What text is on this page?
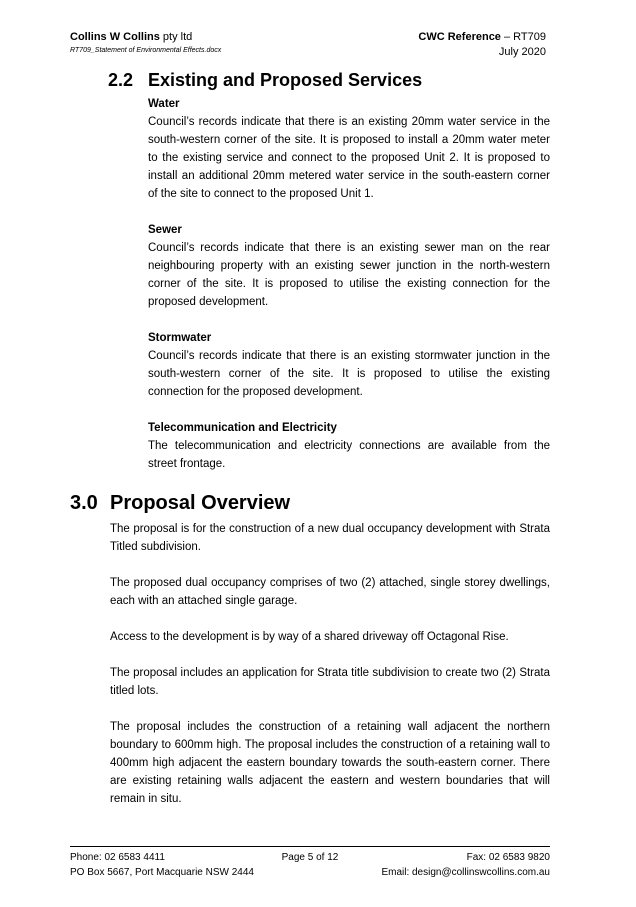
Collins W Collins pty ltd
RT709_Statement of Environmental Effects.docx
CWC Reference – RT709
July 2020
2.2 Existing and Proposed Services
Water

Council’s records indicate that there is an existing 20mm water service in the south-western corner of the site. It is proposed to install a 20mm water meter to the existing service and connect to the proposed Unit 2. It is proposed to install an additional 20mm metered water service in the south-eastern corner of the site to connect to the proposed Unit 1.

Sewer

Council’s records indicate that there is an existing sewer man on the rear neighbouring property with an existing sewer junction in the north-western corner of the site. It is proposed to utilise the existing connection for the proposed development.

Stormwater

Council’s records indicate that there is an existing stormwater junction in the south-western corner of the site. It is proposed to utilise the existing connection for the proposed development.

Telecommunication and Electricity

The telecommunication and electricity connections are available from the street frontage.

3.0 Proposal Overview

The proposal is for the construction of a new dual occupancy development with Strata Titled subdivision.

The proposed dual occupancy comprises of two (2) attached, single storey dwellings, each with an attached single garage.

Access to the development is by way of a shared driveway off Octagonal Rise.

The proposal includes an application for Strata title subdivision to create two (2) Strata titled lots.

The proposal includes the construction of a retaining wall adjacent the northern boundary to 600mm high. The proposal includes the construction of a retaining wall to 400mm high adjacent the eastern boundary towards the south-eastern corner. There are existing retaining walls adjacent the eastern and western boundaries that will remain in situ.

Phone: 02 6583 4411	Page 5 of 12	Fax: 02 6583 9820
PO Box 5667, Port Macquarie NSW 2444	Email: design@collinswcollins.com.au
